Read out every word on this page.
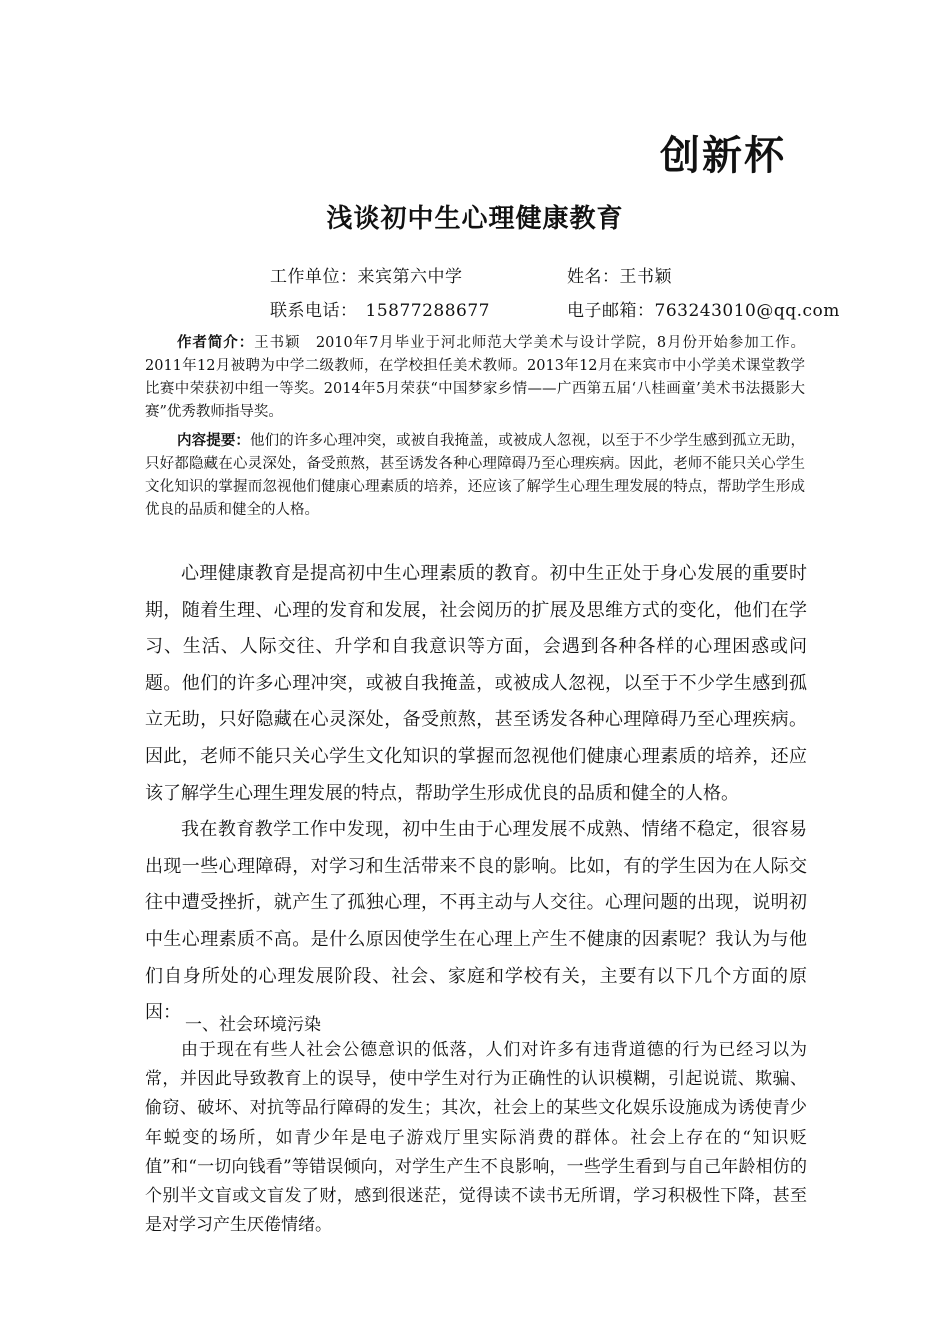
创新杯
浅谈初中生心理健康教育
工作单位：来宾第六中学	姓名：王书颖
联系电话： 15877288677	电子邮箱：763243010@qq.com

作者简介：王书颖　2010年7月毕业于河北师范大学美术与设计学院，8月份开始参加工作。2011年12月被聘为中学二级教师，在学校担任美术教师。2013年12月在来宾市中小学美术课堂教学比赛中荣获初中组一等奖。2014年5月荣获“中国梦家乡情——广西第五届‘八桂画童’美术书法摄影大赛”优秀教师指导奖。

内容提要：他们的许多心理冲突，或被自我掩盖，或被成人忽视，以至于不少学生感到孤立无助，只好都隐藏在心灵深处，备受煎熬，甚至诱发各种心理障碍乃至心理疾病。因此，老师不能只关心学生文化知识的掌握而忽视他们健康心理素质的培养，还应该了解学生心理生理发展的特点，帮助学生形成优良的品质和健全的人格。

心理健康教育是提高初中生心理素质的教育。初中生正处于身心发展的重要时期，随着生理、心理的发育和发展，社会阅历的扩展及思维方式的变化，他们在学习、生活、人际交往、升学和自我意识等方面，会遇到各种各样的心理困惑或问题。他们的许多心理冲突，或被自我掩盖，或被成人忽视，以至于不少学生感到孤立无助，只好隐藏在心灵深处，备受煎熬，甚至诱发各种心理障碍乃至心理疾病。因此，老师不能只关心学生文化知识的掌握而忽视他们健康心理素质的培养，还应该了解学生心理生理发展的特点，帮助学生形成优良的品质和健全的人格。

我在教育教学工作中发现，初中生由于心理发展不成熟、情绪不稳定，很容易出现一些心理障碍，对学习和生活带来不良的影响。比如，有的学生因为在人际交往中遭受挫折，就产生了孤独心理，不再主动与人交往。心理问题的出现，说明初中生心理素质不高。是什么原因使学生在心理上产生不健康的因素呢？我认为与他们自身所处的心理发展阶段、社会、家庭和学校有关，主要有以下几个方面的原因：

一、社会环境污染

由于现在有些人社会公德意识的低落，人们对许多有违背道德的行为已经习以为常，并因此导致教育上的误导，使中学生对行为正确性的认识模糊，引起说谎、欺骗、偷窃、破坏、对抗等品行障碍的发生；其次，社会上的某些文化娱乐设施成为诱使青少年蜕变的场所，如青少年是电子游戏厅里实际消费的群体。社会上存在的“知识贬值”和“一切向钱看”等错误倾向，对学生产生不良影响，一些学生看到与自己年龄相仿的个别半文盲或文盲发了财，感到很迷茫，觉得读不读书无所谓，学习积极性下降，甚至是对学习产生厌倦情绪。
